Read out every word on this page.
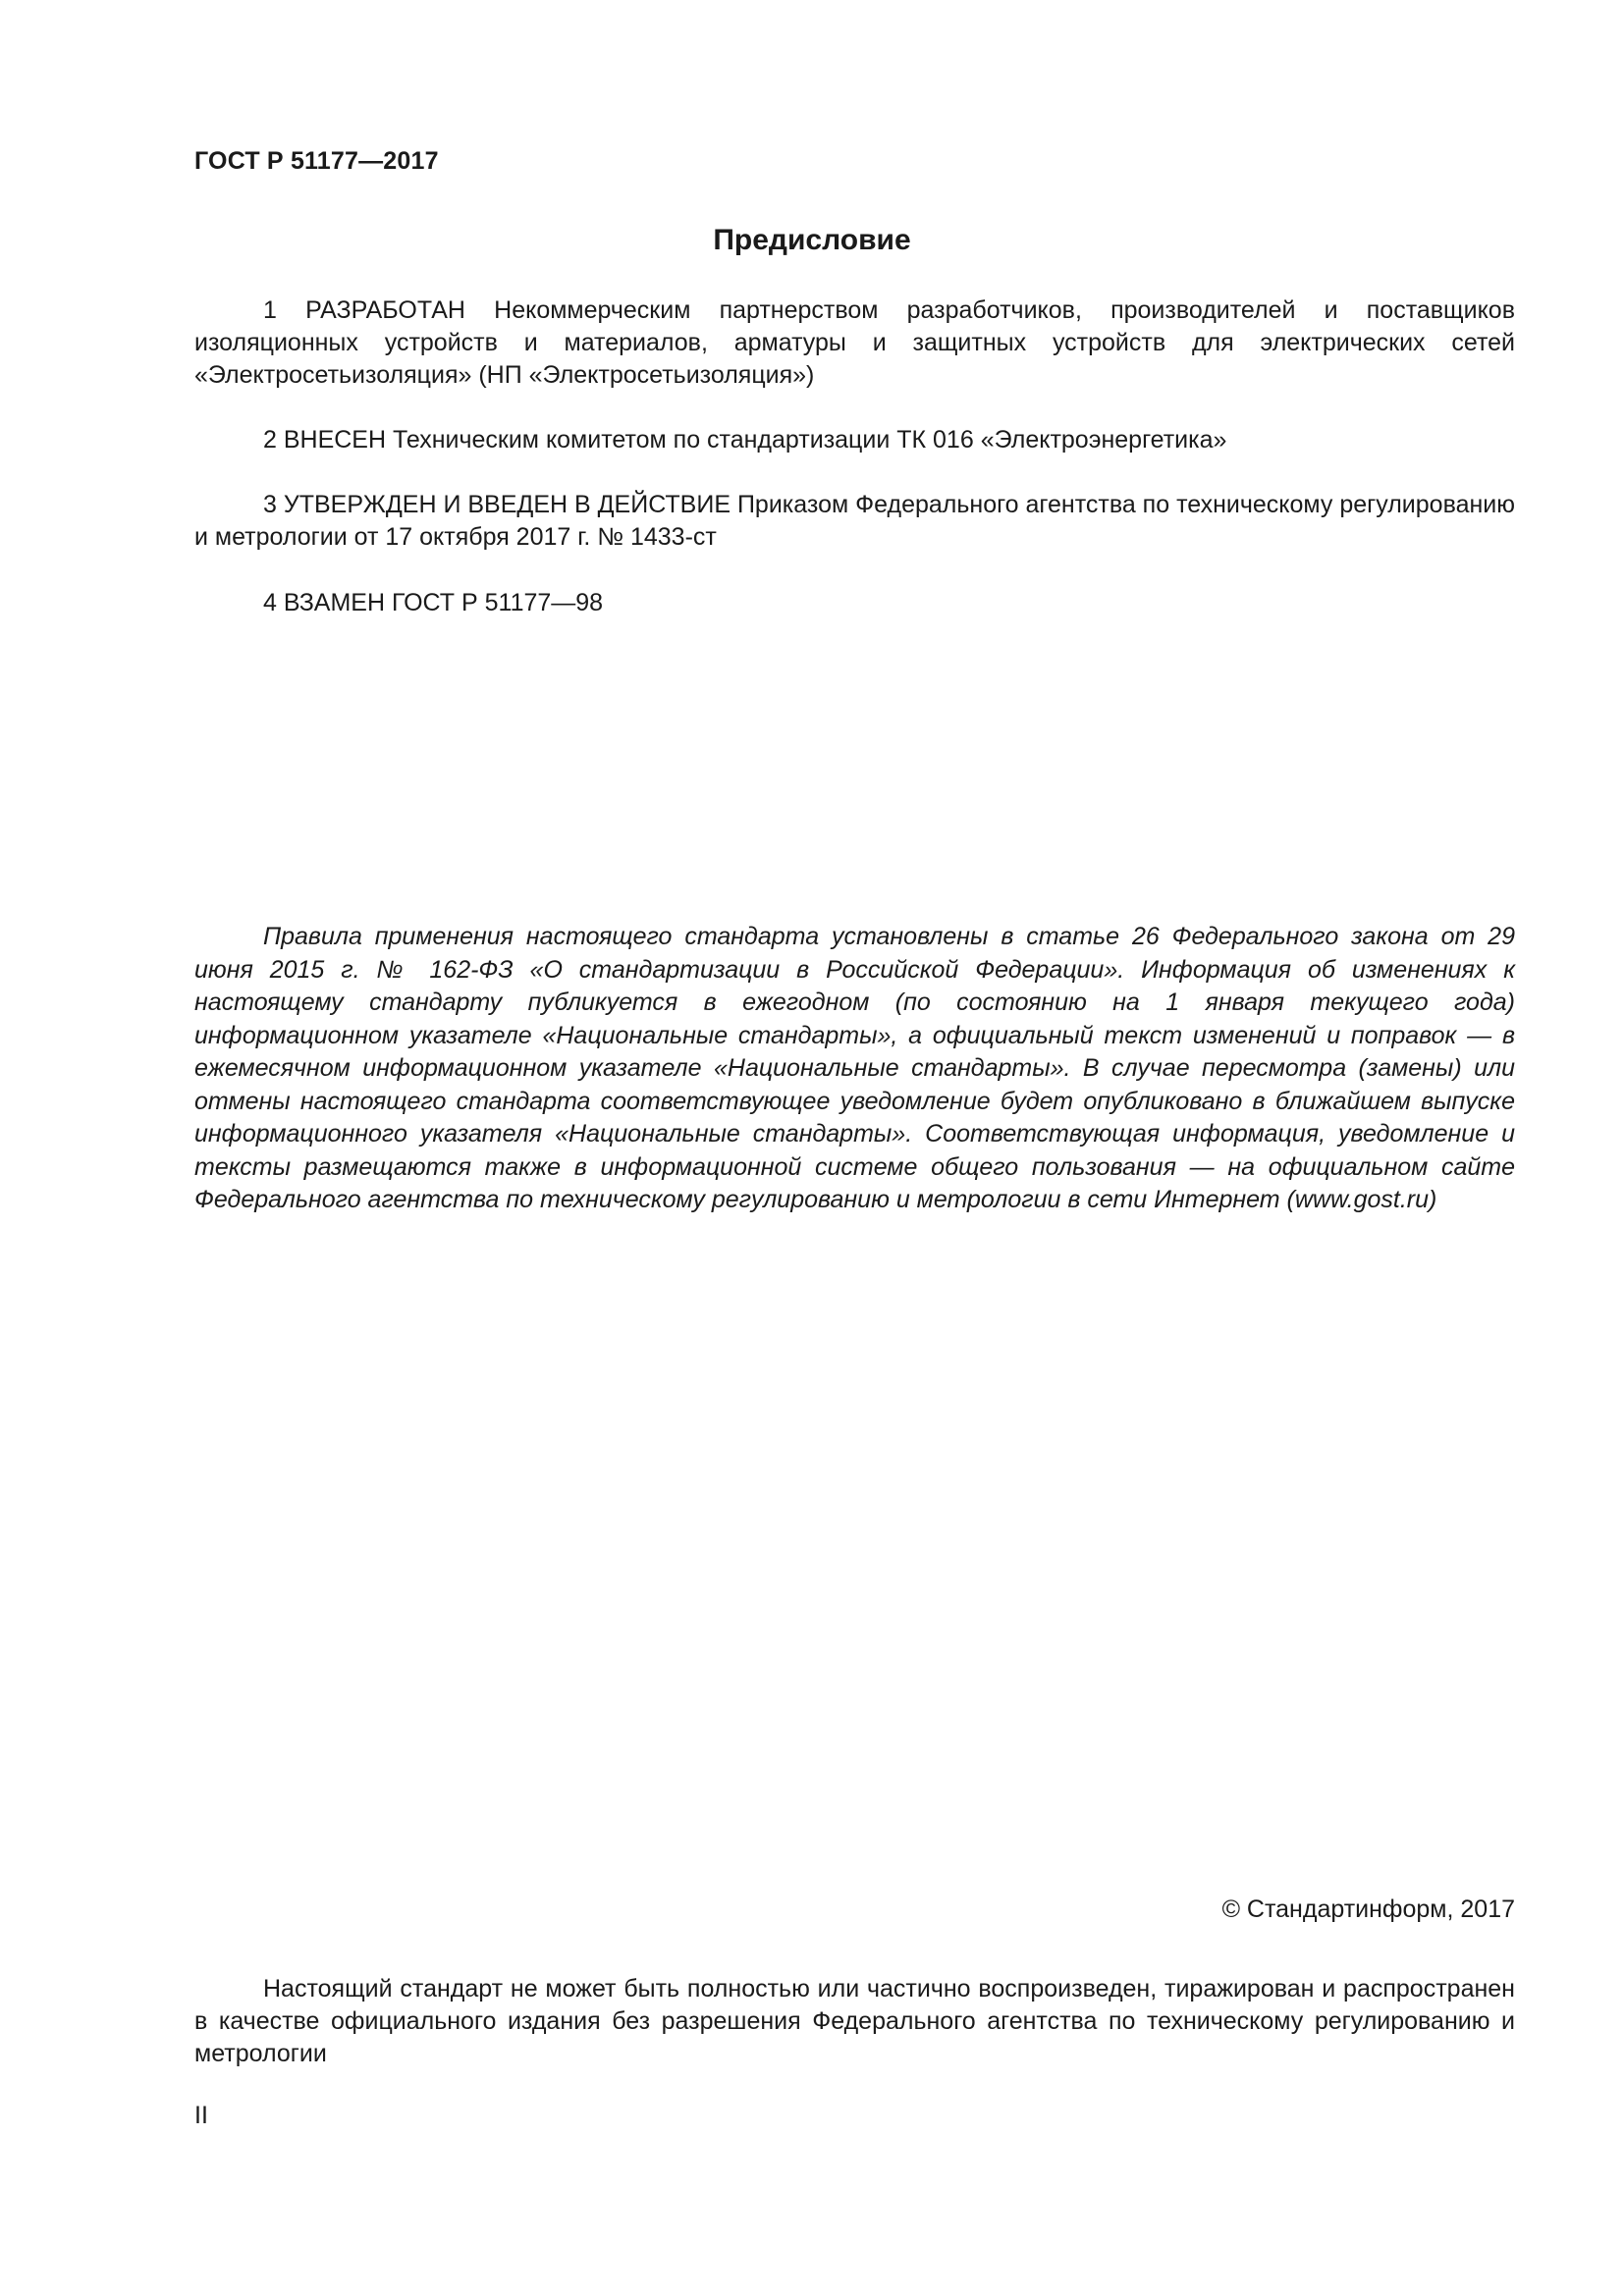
ГОСТ Р 51177—2017
Предисловие
1 РАЗРАБОТАН Некоммерческим партнерством разработчиков, производителей и поставщиков изоляционных устройств и материалов, арматуры и защитных устройств для электрических сетей «Электросетьизоляция» (НП «Электросетьизоляция»)
2 ВНЕСЕН Техническим комитетом по стандартизации ТК 016 «Электроэнергетика»
3 УТВЕРЖДЕН И ВВЕДЕН В ДЕЙСТВИЕ Приказом Федерального агентства по техническому регулированию и метрологии от 17 октября 2017 г. № 1433-ст
4 ВЗАМЕН ГОСТ Р 51177—98
Правила применения настоящего стандарта установлены в статье 26 Федерального закона от 29 июня 2015 г. № 162-ФЗ «О стандартизации в Российской Федерации». Информация об изменениях к настоящему стандарту публикуется в ежегодном (по состоянию на 1 января текущего года) информационном указателе «Национальные стандарты», а официальный текст изменений и поправок — в ежемесячном информационном указателе «Национальные стандарты». В случае пересмотра (замены) или отмены настоящего стандарта соответствующее уведомление будет опубликовано в ближайшем выпуске информационного указателя «Национальные стандарты». Соответствующая информация, уведомление и тексты размещаются также в информационной системе общего пользования — на официальном сайте Федерального агентства по техническому регулированию и метрологии в сети Интернет (www.gost.ru)
© Стандартинформ, 2017
Настоящий стандарт не может быть полностью или частично воспроизведен, тиражирован и распространен в качестве официального издания без разрешения Федерального агентства по техническому регулированию и метрологии
II
